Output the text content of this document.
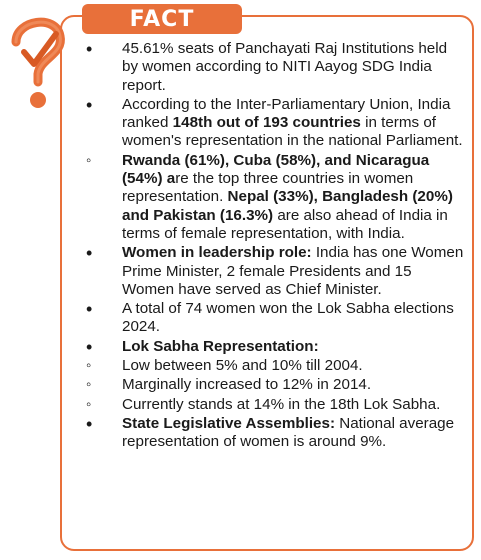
FACT
•
45.61% seats of Panchayati Raj Institutions held by women according to NITI Aayog SDG India report.
•
According to the Inter-Parliamentary Union, India ranked 148th out of 193 countries in terms of women's representation in the national Parliament.
◦
Rwanda (61%), Cuba (58%), and Nicaragua (54%) are the top three countries in women representation. Nepal (33%), Bangladesh (20%) and Pakistan (16.3%) are also ahead of India in terms of female representation, with India.
•
Women in leadership role: India has one Women Prime Minister, 2 female Presidents and 15 Women have served as Chief Minister.
•
A total of 74 women won the Lok Sabha elections 2024.
•
Lok Sabha Representation:
◦
Low between 5% and 10% till 2004.
◦
Marginally increased to 12% in 2014.
◦
Currently stands at 14% in the 18th Lok Sabha.
•
State Legislative Assemblies: National average representation of women is around 9%.
